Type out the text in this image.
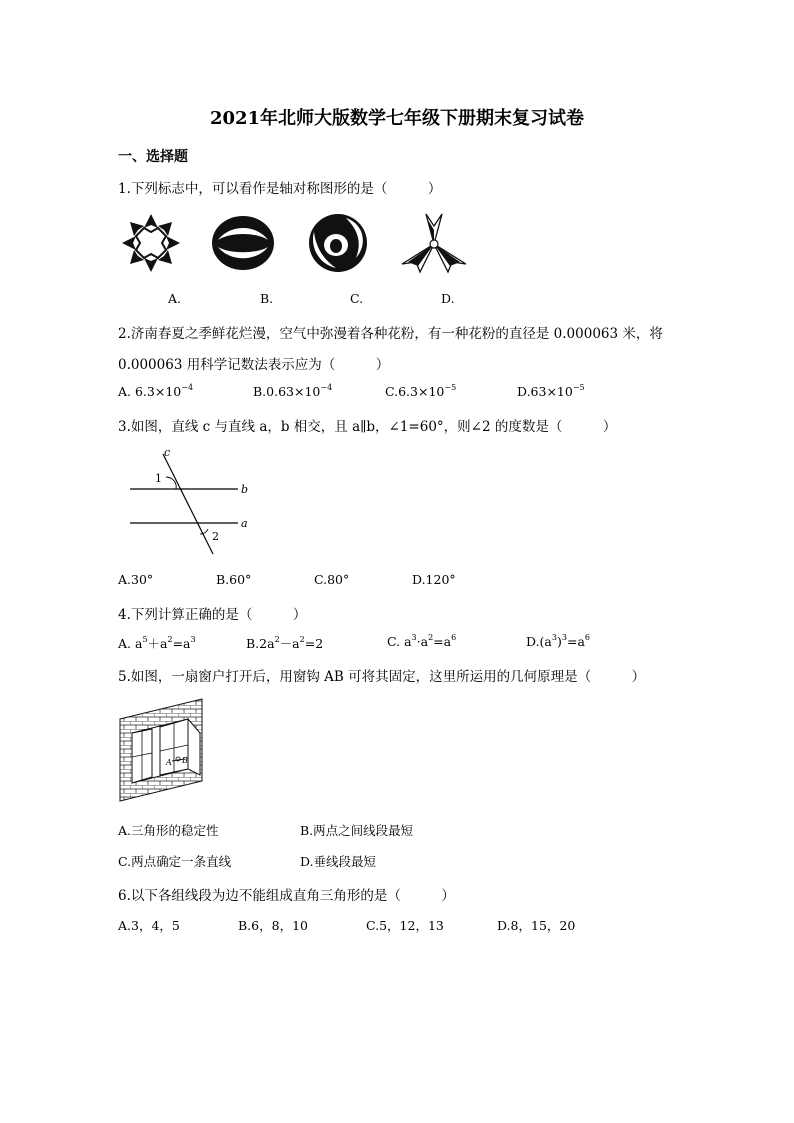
2021年北师大版数学七年级下册期末复习试卷
一、选择题
1.下列标志中，可以看作是轴对称图形的是（　　　）
A.	B.	C.	D.
2.济南春夏之季鲜花烂漫，空气中弥漫着各种花粉，有一种花粉的直径是 0.000063 米，将
0.000063 用科学记数法表示应为（　　　）
A. $6.3\times 10^{-4}$	$B.0.63\times 10^{-4}$	$C.6.3\times 10^{-5}$	$D.63\times 10^{-5}$
3.如图，直线 c 与直线 a，b 相交，且 a∥b，∠1=60°，则∠2 的度数是（　　　）
c
b
a
1
2
A.30°	B.60°	C.80°	D.120°
4.下列计算正确的是（　　　）
A. $a^5+a^2=a^3$	$B.2a^2-a^2=2$	C. $a^3\cdot a^2=a^6$	$D.(a^3)^3=a^6$
5.如图，一扇窗户打开后，用窗钩 AB 可将其固定，这里所运用的几何原理是（　　　）
A B
A.三角形的稳定性	B.两点之间线段最短
C.两点确定一条直线	D.垂线段最短
6.以下各组线段为边不能组成直角三角形的是（　　　）
A.3，4，5	B.6，8，10	C.5，12，13	D.8，15，20
